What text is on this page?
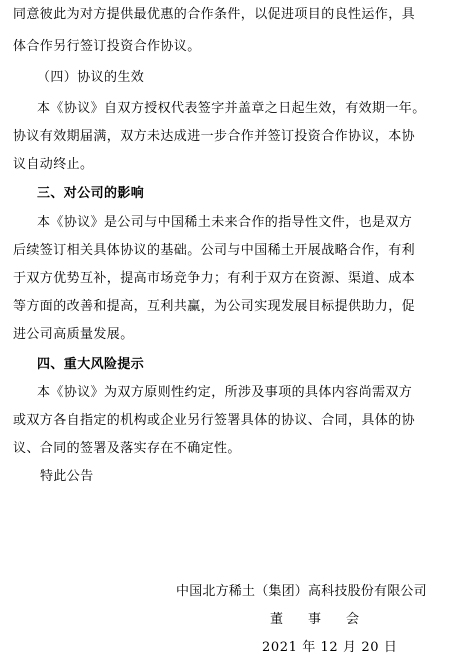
同意彼此为对方提供最优惠的合作条件，以促进项目的良性运作，具
体合作另行签订投资合作协议。
（四）协议的生效
本《协议》自双方授权代表签字并盖章之日起生效，有效期一年。
协议有效期届满，双方未达成进一步合作并签订投资合作协议，本协
议自动终止。
三、对公司的影响
本《协议》是公司与中国稀土未来合作的指导性文件，也是双方
后续签订相关具体协议的基础。公司与中国稀土开展战略合作，有利
于双方优势互补，提高市场竞争力；有利于双方在资源、渠道、成本
等方面的改善和提高，互利共赢，为公司实现发展目标提供助力，促
进公司高质量发展。
四、重大风险提示
本《协议》为双方原则性约定，所涉及事项的具体内容尚需双方
或双方各自指定的机构或企业另行签署具体的协议、合同，具体的协
议、合同的签署及落实存在不确定性。
特此公告
中国北方稀土（集团）高科技股份有限公司
董　事　会
2021 年 12 月 20 日
